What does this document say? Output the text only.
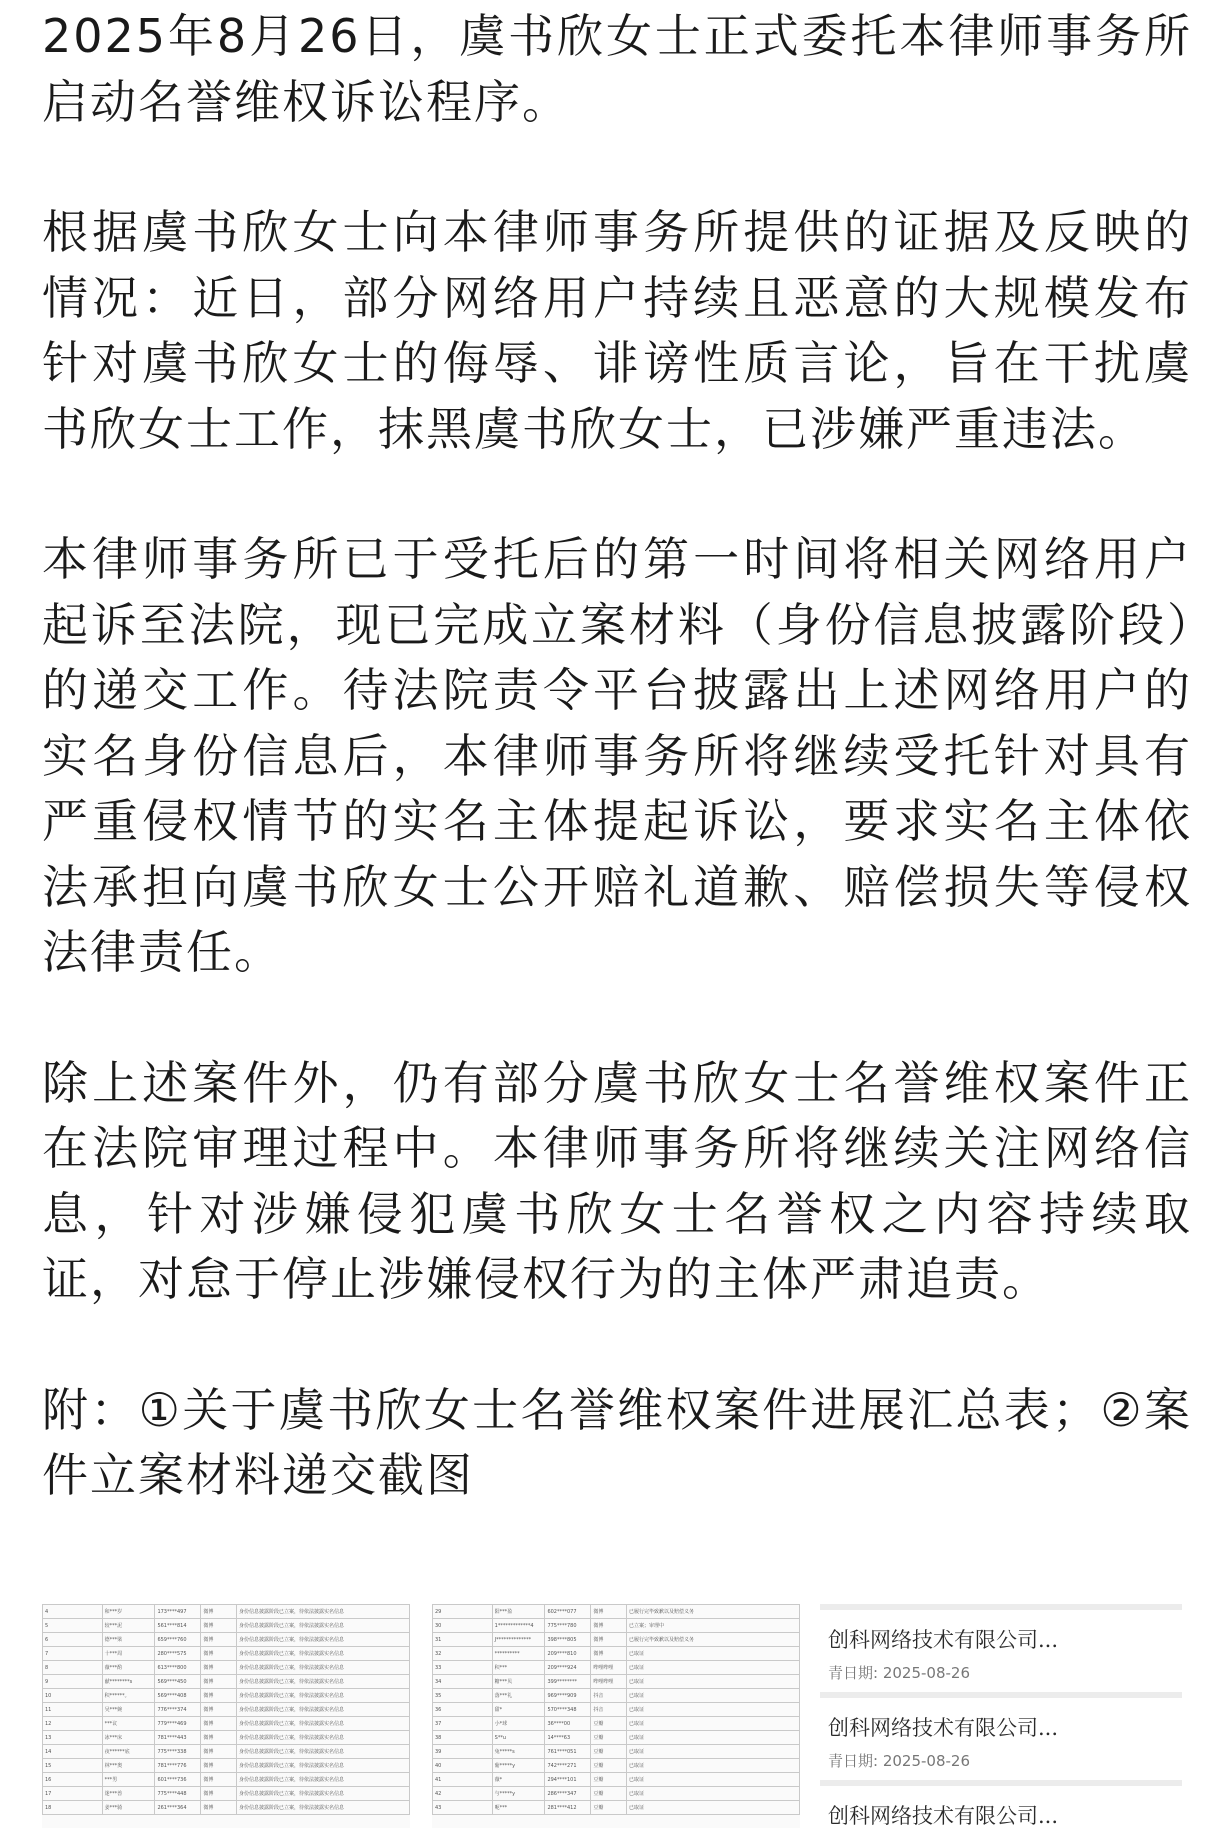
2025年8月26日，虞书欣女士正式委托本律师事务所启动名誉维权诉讼程序。

根据虞书欣女士向本律师事务所提供的证据及反映的情况：近日，部分网络用户持续且恶意的大规模发布针对虞书欣女士的侮辱、诽谤性质言论，旨在干扰虞书欣女士工作，抹黑虞书欣女士，已涉嫌严重违法。

本律师事务所已于受托后的第一时间将相关网络用户起诉至法院，现已完成立案材料（身份信息披露阶段）的递交工作。待法院责令平台披露出上述网络用户的实名身份信息后，本律师事务所将继续受托针对具有严重侵权情节的实名主体提起诉讼，要求实名主体依法承担向虞书欣女士公开赔礼道歉、赔偿损失等侵权法律责任。

除上述案件外，仍有部分虞书欣女士名誉维权案件正在法院审理过程中。本律师事务所将继续关注网络信息，针对涉嫌侵犯虞书欣女士名誉权之内容持续取证，对怠于停止涉嫌侵权行为的主体严肃追责。

附：①关于虞书欣女士名誉维权案件进展汇总表；②案件立案材料递交截图

4	和***岁	173****497	微博	身份信息披露阶段已立案，待依法披露实名信息
5	较***泥	561****814	微博	身份信息披露阶段已立案，待依法披露实名信息
6	德***梁	659****760	微博	身份信息披露阶段已立案，待依法披露实名信息
7	十***周	280****575	微博	身份信息披露阶段已立案，待依法披露实名信息
8	薇***酌	613****800	微博	身份信息披露阶段已立案，待依法披露实名信息
9	献********s	569****450	微博	身份信息披露阶段已立案，待依法披露实名信息
10	积******。	569****408	微博	身份信息披露阶段已立案，待依法披露实名信息
11	吴***婉	776****374	微博	身份信息披露阶段已立案，待依法披露实名信息
12	***议	779****469	微博	身份信息披露阶段已立案，待依法披露实名信息
13	冰***床	781****443	微博	身份信息披露阶段已立案，待依法披露实名信息
14	夜******底	775****338	微博	身份信息披露阶段已立案，待依法披露实名信息
15	林***奥	781****776	微博	身份信息披露阶段已立案，待依法披露实名信息
16	***男	601****736	微博	身份信息披露阶段已立案，待依法披露实名信息
17	迷***兽	775****448	微博	身份信息披露阶段已立案，待依法披露实名信息
18	姜***骑	261****364	微博	身份信息披露阶段已立案，待依法披露实名信息
29	阳***盈	602****077	微博	已履行完毕致歉以及赔偿义务
30	1*************4	775****780	微博	已立案；审理中
31	J**************	398****805	微博	已履行完毕致歉以及赔偿义务
32	**********	209****810	微博	已取证
33	积***	209****924	哔哩哔哩	已取证
34	糖***贝	399********	哔哩哔哩	已取证
35	落***礼	969****909	抖音	已取证
36	甜*	570****348	抖音	已取证
37	小*球	36****00	豆瓣	已取证
38	S**u	14****63	豆瓣	已取证
39	兔*****s	761****051	豆瓣	已取证
40	葡*****y	742****271	豆瓣	已取证
41	薇*	294****101	豆瓣	已取证
42	与*****y	286****347	豆瓣	已取证
43	呃***	281****412	豆瓣	已取证
创科网络技术有限公司...
青日期: 2025-08-26
创科网络技术有限公司...
青日期: 2025-08-26
创科网络技术有限公司...
